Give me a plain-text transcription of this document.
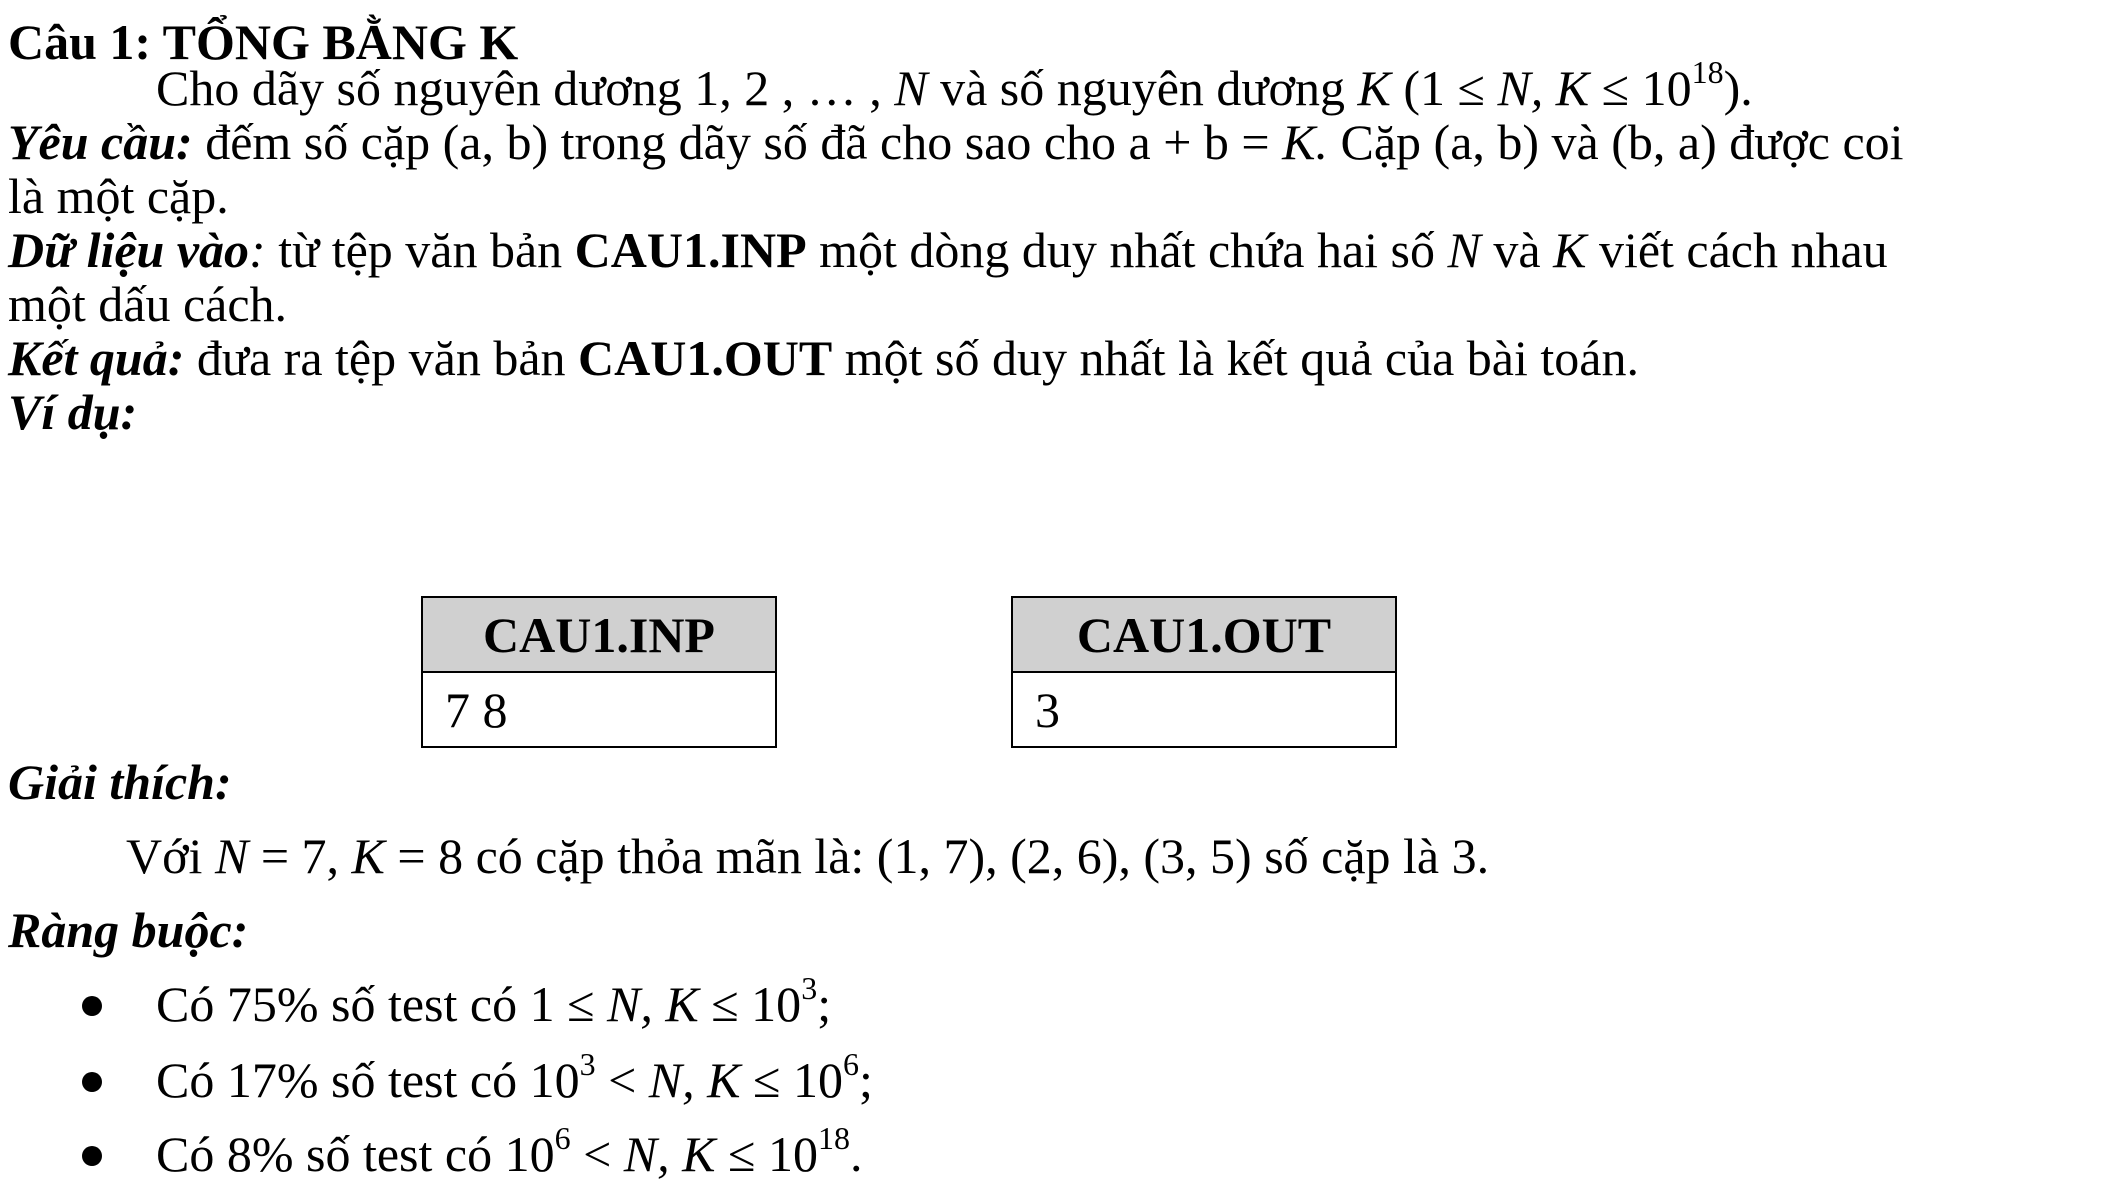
Câu 1: TỔNG BẰNG K
Cho dãy số nguyên dương 1, 2 , … , N và số nguyên dương K (1 ≤ N, $K \le 10^{18}$).
Yêu cầu: đếm số cặp (a, b) trong dãy số đã cho sao cho a + b = K. Cặp (a, b) và (b, a) được coi
là một cặp.
Dữ liệu vào: từ tệp văn bản CAU1.INP một dòng duy nhất chứa hai số N và K viết cách nhau
một dấu cách.
Kết quả: đưa ra tệp văn bản CAU1.OUT một số duy nhất là kết quả của bài toán.
Ví dụ:
CAU1.INP
7 8
CAU1.OUT
3
Giải thích:
Với N = 7, K = 8 có cặp thỏa mãn là: (1, 7), (2, 6), (3, 5) số cặp là 3.
Ràng buộc:
Có 75% số test có 1 ≤ N, $K \le 10^3$;
Có 17% số test có $10^3 < N$, $K \le 10^6$;
Có 8% số test có $10^6 < N$, $K \le 10^{18}$.
